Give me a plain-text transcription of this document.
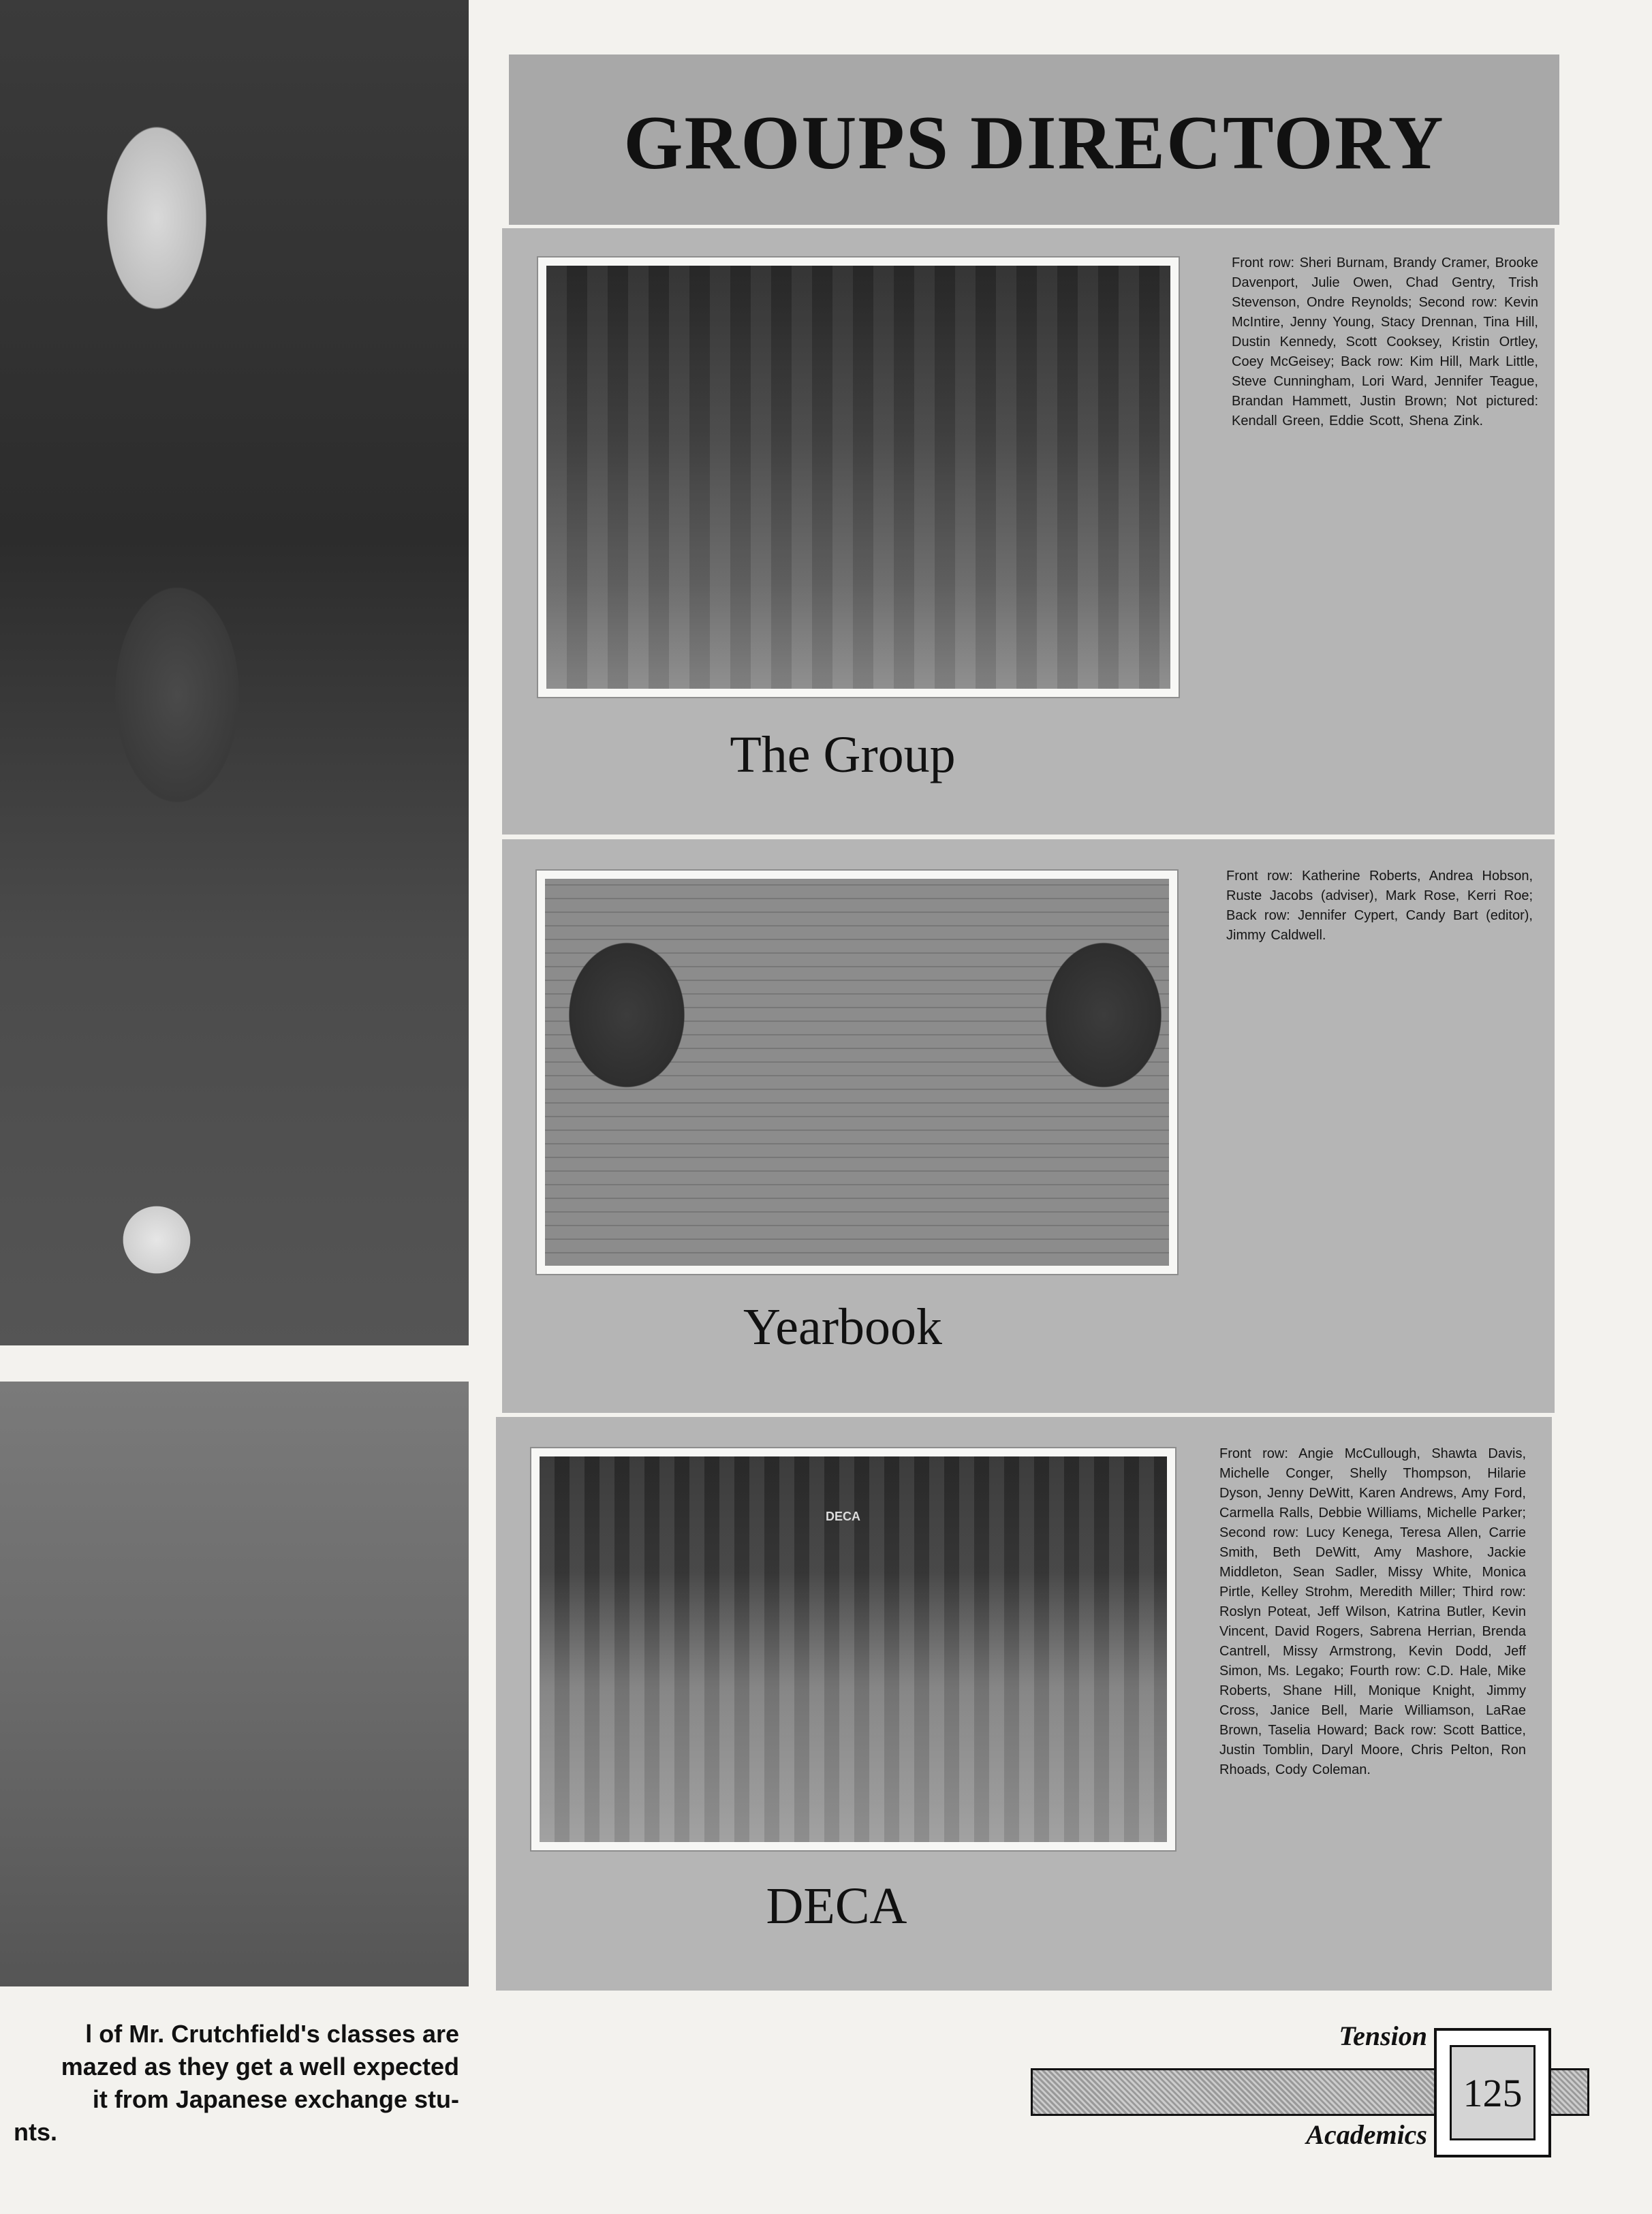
l of Mr. Crutchfield's classes are
mazed as they get a well expected
it from Japanese exchange stu-
nts.
GROUPS DIRECTORY
Front row: Sheri Burnam, Brandy Cramer, Brooke Davenport, Julie Owen, Chad Gentry, Trish Stevenson, Ondre Reynolds; Second row: Kevin McIntire, Jenny Young, Stacy Drennan, Tina Hill, Dustin Kennedy, Scott Cooksey, Kristin Ortley, Coey McGeisey; Back row: Kim Hill, Mark Little, Steve Cunningham, Lori Ward, Jennifer Teague, Brandan Hammett, Justin Brown; Not pictured: Kendall Green, Eddie Scott, Shena Zink.
The Group
Front row: Katherine Roberts, Andrea Hobson, Ruste Jacobs (adviser), Mark Rose, Kerri Roe; Back row: Jennifer Cypert, Candy Bart (editor), Jimmy Caldwell.
Yearbook
DECA
Front row: Angie McCullough, Shawta Davis, Michelle Conger, Shelly Thompson, Hilarie Dyson, Jenny DeWitt, Karen Andrews, Amy Ford, Carmella Ralls, Debbie Williams, Michelle Parker; Second row: Lucy Kenega, Teresa Allen, Carrie Smith, Beth DeWitt, Amy Mashore, Jackie Middleton, Sean Sadler, Missy White, Monica Pirtle, Kelley Strohm, Meredith Miller; Third row: Roslyn Poteat, Jeff Wilson, Katrina Butler, Kevin Vincent, David Rogers, Sabrena Herrian, Brenda Cantrell, Missy Armstrong, Kevin Dodd, Jeff Simon, Ms. Legako; Fourth row: C.D. Hale, Mike Roberts, Shane Hill, Monique Knight, Jimmy Cross, Janice Bell, Marie Williamson, LaRae Brown, Taselia Howard; Back row: Scott Battice, Justin Tomblin, Daryl Moore, Chris Pelton, Ron Rhoads, Cody Coleman.
DECA
Tension
Academics
125
